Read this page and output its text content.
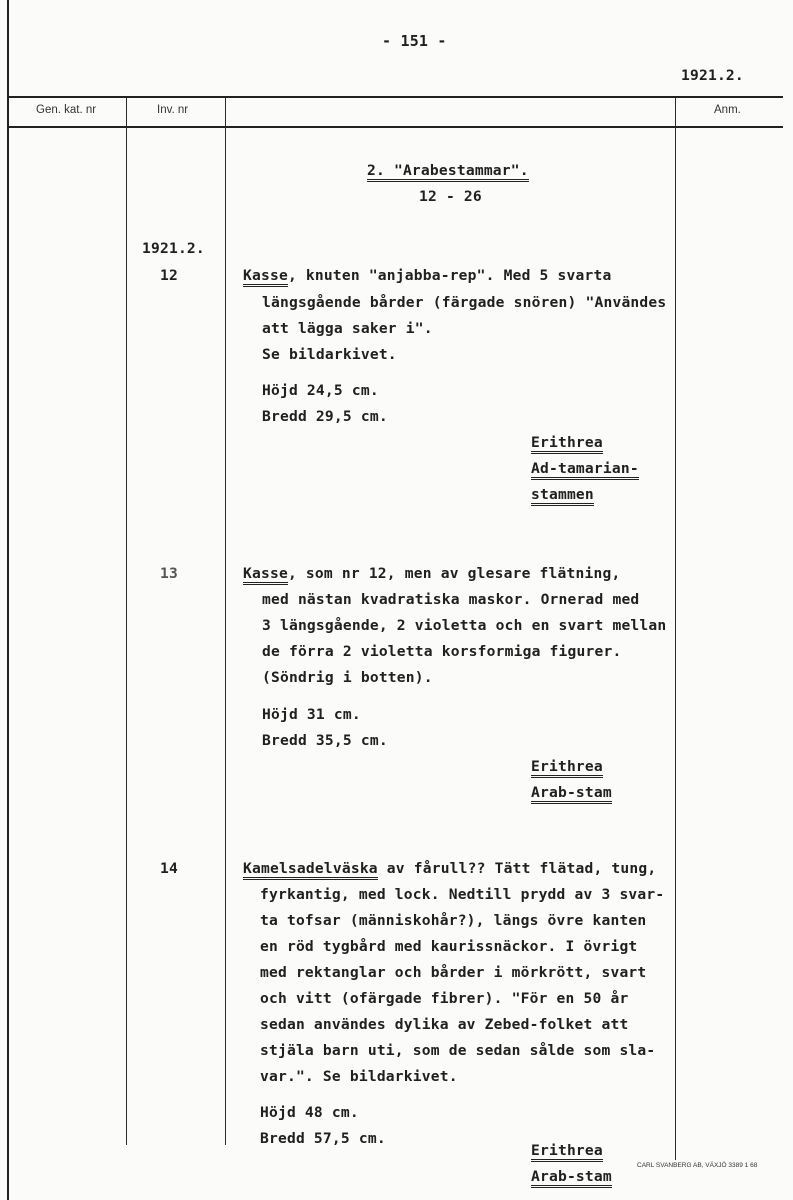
- 151 -
1921.2.
Gen. kat. nr	Inv. nr	Anm.
2. "Arabestammar".
12 - 26
1921.2.
12	Kasse, knuten "anjabba-rep". Med 5 svarta
längsgående bårder (färgade snören) "Användes
att lägga saker i".
Se bildarkivet.
Höjd 24,5 cm.
Bredd 29,5 cm.
Erithrea
Ad-tamarian-
stammen
13	Kasse, som nr 12, men av glesare flätning,
med nästan kvadratiska maskor. Ornerad med
3 längsgående, 2 violetta och en svart mellan
de förra 2 violetta korsformiga figurer.
(Söndrig i botten).
Höjd 31 cm.
Bredd 35,5 cm.
Erithrea
Arab-stam
14	Kamelsadelväska av fårull?? Tätt flätad, tung,
fyrkantig, med lock. Nedtill prydd av 3 svar-
ta tofsar (människohår?), längs övre kanten
en röd tygbård med kaurissnäckor. I övrigt
med rektanglar och bårder i mörkrött, svart
och vitt (ofärgade fibrer). "För en 50 år
sedan användes dylika av Zebed-folket att
stjäla barn uti, som de sedan sålde som sla-
var.". Se bildarkivet.
Höjd 48 cm.
Bredd 57,5 cm.
Erithrea
Arab-stam
CARL SVANBERG AB, VÄXJÖ 3389 1 68
